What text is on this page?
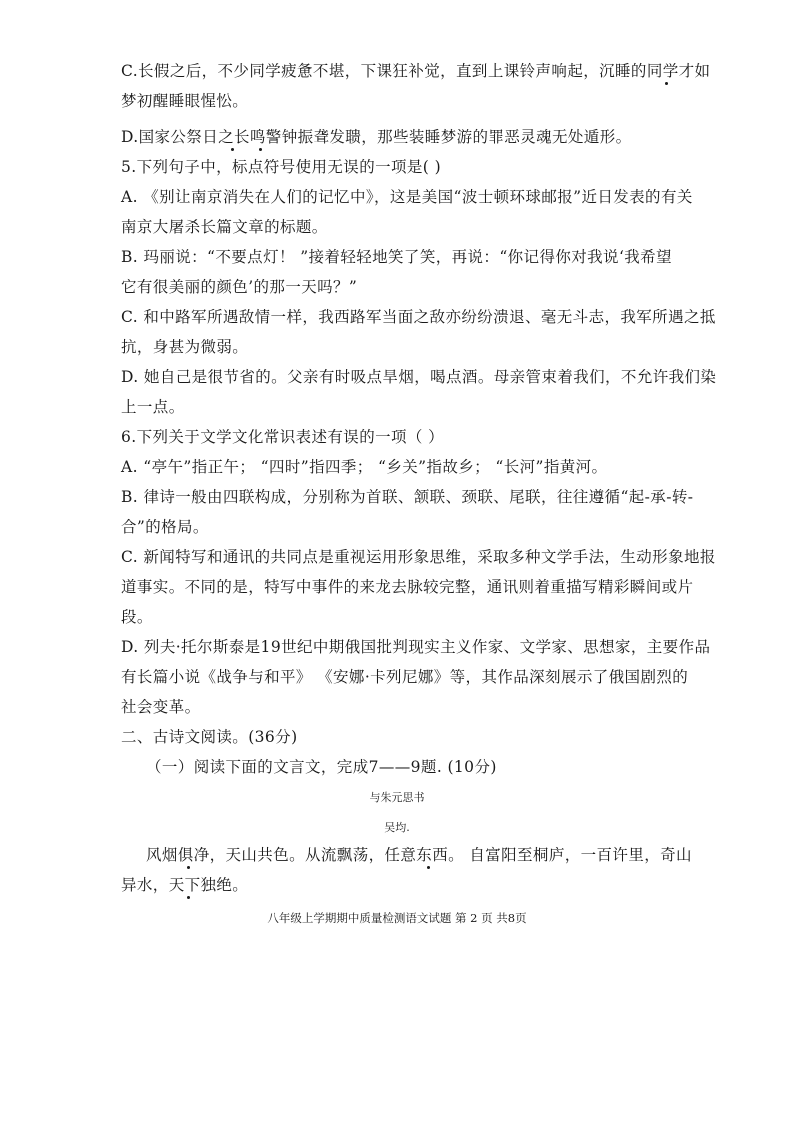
C.长假之后，不少同学疲惫不堪，下课狂补觉，直到上课铃声响起，沉睡的同学才如
梦初醒睡眼惺忪。
D.国家公祭日之长鸣警钟振聋发聩，那些装睡梦游的罪恶灵魂无处遁形。
5.下列句子中，标点符号使用无误的一项是( )
A. 《别让南京消失在人们的记忆中》，这是美国“波士顿环球邮报”近日发表的有关
南京大屠杀长篇文章的标题。
B. 玛丽说：“不要点灯！ ”接着轻轻地笑了笑，再说：“你记得你对我说‘我希望
它有很美丽的颜色’的那一天吗？”
C. 和中路军所遇敌情一样，我西路军当面之敌亦纷纷溃退、毫无斗志，我军所遇之抵
抗，身甚为微弱。
D. 她自己是很节省的。父亲有时吸点旱烟，喝点酒。母亲管束着我们，不允许我们染
上一点。
6.下列关于文学文化常识表述有误的一项（ ）
A. “亭午”指正午； “四时”指四季； “乡关”指故乡； “长河”指黄河。
B. 律诗一般由四联构成，分别称为首联、颔联、颈联、尾联，往往遵循“起-承-转-
合”的格局。
C. 新闻特写和通讯的共同点是重视运用形象思维，采取多种文学手法，生动形象地报
道事实。不同的是，特写中事件的来龙去脉较完整，通讯则着重描写精彩瞬间或片
段。
D. 列夫·托尔斯泰是19世纪中期俄国批判现实主义作家、文学家、思想家，主要作品
有长篇小说《战争与和平》 《安娜·卡列尼娜》等，其作品深刻展示了俄国剧烈的
社会变革。
二、古诗文阅读。(36分)
（一）阅读下面的文言文，完成7——9题. (10分)
与朱元思书
吴均.
风烟俱净，天山共色。从流飘荡，任意东西。 自富阳至桐庐，一百许里，奇山
异水，天下独绝。
八年级上学期期中质量检测语文试题 第 2 页 共8页
